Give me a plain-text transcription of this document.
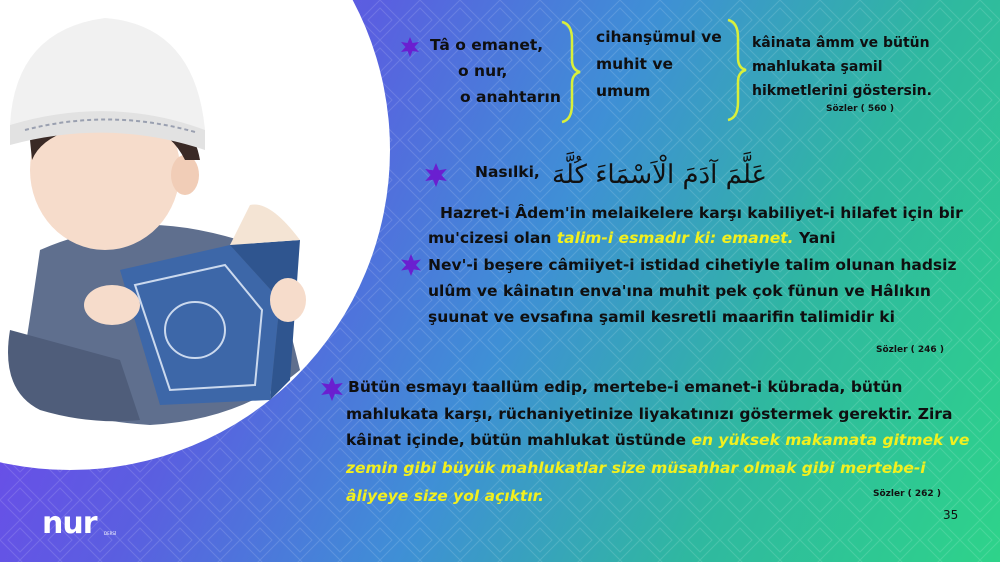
Tâ o emanet,
o nur,
o anahtarın
cihanşümul ve
muhit ve
umum
kâinata âmm ve bütün
mahlukata şamil
hikmetlerini göstersin.
Sözler ( 560 )
Nasılki, عَلَّمَ آدَمَ الْاَسْمَاءَ كُلَّهَ
Hazret-i Âdem'in melaikelere karşı kabiliyet-i hilafet için bir
mu'cizesi olan talim-i esmadır ki: emanet. Yani
Nev'-i beşere câmiiyet-i istidad cihetiyle talim olunan hadsiz
ulûm ve kâinatın enva'ına muhit pek çok fünun ve Hâlıkın
şuunat ve evsafına şamil kesretli maarifin talimidir ki
Sözler ( 246 )
Bütün esmayı taallüm edip, mertebe-i emanet-i kübrada, bütün
mahlukata karşı, rüchaniyetinize liyakatınızı göstermek gerektir. Zira
kâinat içinde, bütün mahlukat üstünde en yüksek makamata gitmek ve
zemin gibi büyük mahlukatlar size müsahhar olmak gibi mertebe-i
âliyeye size yol açıktır.	Sözler ( 262 )
nur DERSİ
35
